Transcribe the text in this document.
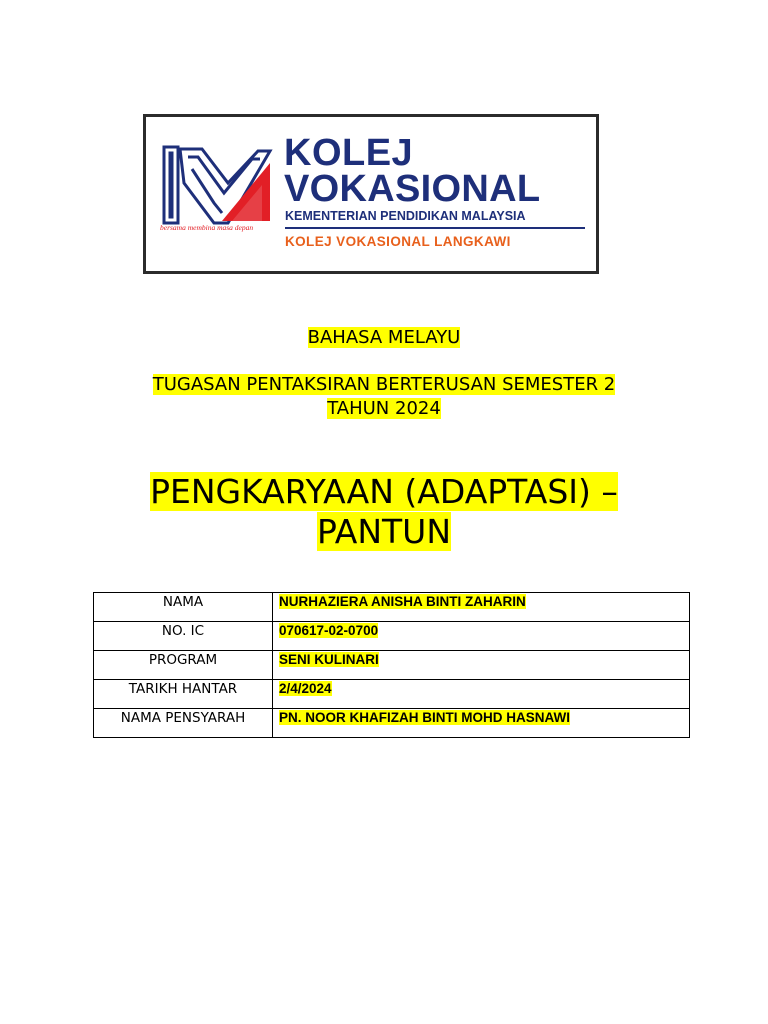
bersama membina masa depan
KOLEJ
VOKASIONAL
KEMENTERIAN PENDIDIKAN MALAYSIA
KOLEJ VOKASIONAL LANGKAWI
BAHASA MELAYU
TUGASAN PENTAKSIRAN BERTERUSAN SEMESTER 2
TAHUN 2024
PENGKARYAAN (ADAPTASI) –
PANTUN
NAMA	NURHAZIERA ANISHA BINTI ZAHARIN
NO. IC	070617-02-0700
PROGRAM	SENI KULINARI
TARIKH HANTAR	2/4/2024
NAMA PENSYARAH	PN. NOOR KHAFIZAH BINTI MOHD HASNAWI
